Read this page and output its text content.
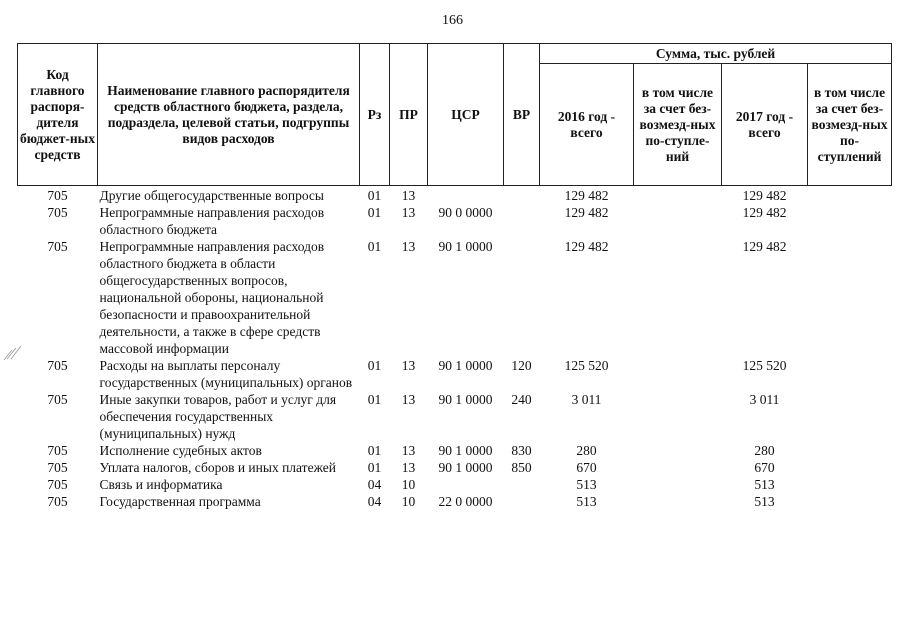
166
Код главного распоря-дителя бюджет-ных средств	Наименование главного распорядителя средств областного бюджета, раздела, подраздела, целевой статьи, подгруппы видов расходов	Рз	ПР	ЦСР	ВР	Сумма, тыс. рублей			
						2016 год - всего	в том числе за счет без-возмезд-ных по-ступле-ний	2017 год - всего	в том числе за счет без-возмезд-ных по-ступлений
705	Другие общегосударственные вопросы	01	13			129 482		129 482	
705	Непрограммные направления расходов областного бюджета	01	13	90 0 0000		129 482		129 482	
705	Непрограммные направления расходов областного бюджета в области общегосударственных вопросов, национальной обороны, национальной безопасности и правоохранительной деятельности, а также в сфере средств массовой информации	01	13	90 1 0000		129 482		129 482	
705	Расходы на выплаты персоналу государственных (муниципальных) органов	01	13	90 1 0000	120	125 520		125 520	
705	Иные закупки товаров, работ и услуг для обеспечения государственных (муниципальных) нужд	01	13	90 1 0000	240	3 011		3 011	
705	Исполнение судебных актов	01	13	90 1 0000	830	280		280	
705	Уплата налогов, сборов и иных платежей	01	13	90 1 0000	850	670		670	
705	Связь и информатика	04	10			513		513	
705	Государственная программа	04	10	22 0 0000		513		513	
